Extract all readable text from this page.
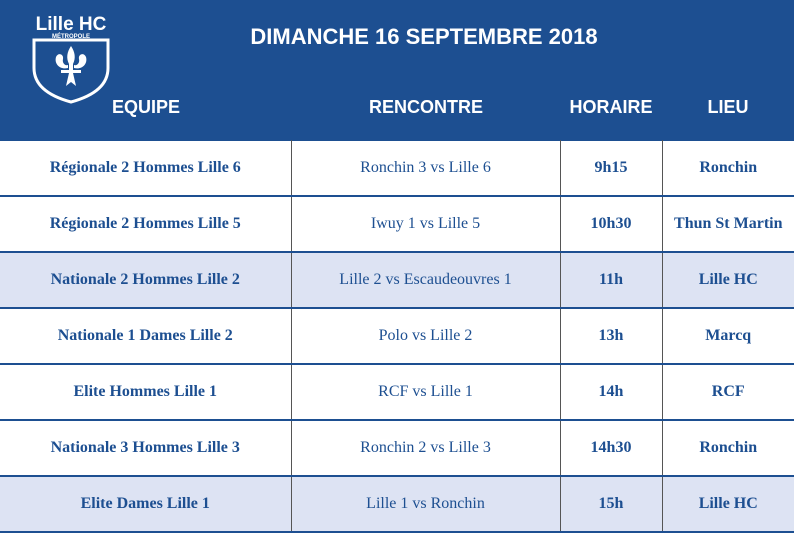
Lille HC
MÉTROPOLE	DIMANCHE 16 SEPTEMBRE 2018
EQUIPE	RENCONTRE	HORAIRE	LIEU
Régionale 2 Hommes Lille 6	Ronchin 3 vs Lille 6	9h15	Ronchin
Régionale 2 Hommes Lille 5	Iwuy 1 vs Lille 5	10h30	Thun St Martin
Nationale 2 Hommes Lille 2	Lille 2 vs Escaudeouvres 1	11h	Lille HC
Nationale 1 Dames Lille 2	Polo vs Lille 2	13h	Marcq
Elite Hommes Lille 1	RCF vs Lille 1	14h	RCF
Nationale 3 Hommes Lille 3	Ronchin 2 vs Lille 3	14h30	Ronchin
Elite Dames Lille 1	Lille 1 vs Ronchin	15h	Lille HC
